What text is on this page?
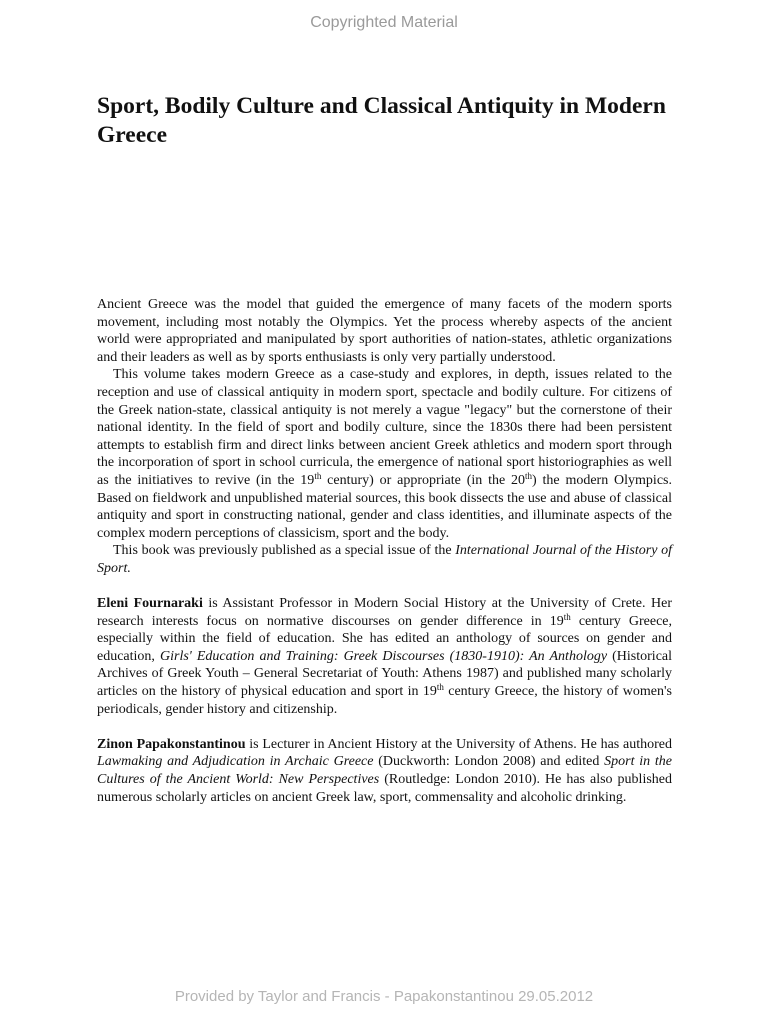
Copyrighted Material
Sport, Bodily Culture and Classical Antiquity in Modern Greece

Ancient Greece was the model that guided the emergence of many facets of the modern sports movement, including most notably the Olympics. Yet the process whereby aspects of the ancient world were appropriated and manipulated by sport authorities of nation-states, athletic organizations and their leaders as well as by sports enthusiasts is only very partially understood.

This volume takes modern Greece as a case-study and explores, in depth, issues related to the reception and use of classical antiquity in modern sport, spectacle and bodily culture. For citizens of the Greek nation-state, classical antiquity is not merely a vague "legacy" but the cornerstone of their national identity. In the field of sport and bodily culture, since the 1830s there had been persistent attempts to establish firm and direct links between ancient Greek athletics and modern sport through the incorporation of sport in school curricula, the emergence of national sport historiographies as well as the initiatives to revive (in the 19th century) or appropriate (in the 20th) the modern Olympics. Based on fieldwork and unpublished material sources, this book dissects the use and abuse of classical antiquity and sport in constructing national, gender and class identities, and illuminate aspects of the complex modern perceptions of classicism, sport and the body.

This book was previously published as a special issue of the International Journal of the History of Sport.

Eleni Fournaraki is Assistant Professor in Modern Social History at the University of Crete. Her research interests focus on normative discourses on gender difference in 19th century Greece, especially within the field of education. She has edited an anthology of sources on gender and education, Girls' Education and Training: Greek Discourses (1830-1910): An Anthology (Historical Archives of Greek Youth – General Secretariat of Youth: Athens 1987) and published many scholarly articles on the history of physical education and sport in 19th century Greece, the history of women's periodicals, gender history and citizenship.

Zinon Papakonstantinou is Lecturer in Ancient History at the University of Athens. He has authored Lawmaking and Adjudication in Archaic Greece (Duckworth: London 2008) and edited Sport in the Cultures of the Ancient World: New Perspectives (Routledge: London 2010). He has also published numerous scholarly articles on ancient Greek law, sport, commensality and alcoholic drinking.

Provided by Taylor and Francis - Papakonstantinou 29.05.2012
